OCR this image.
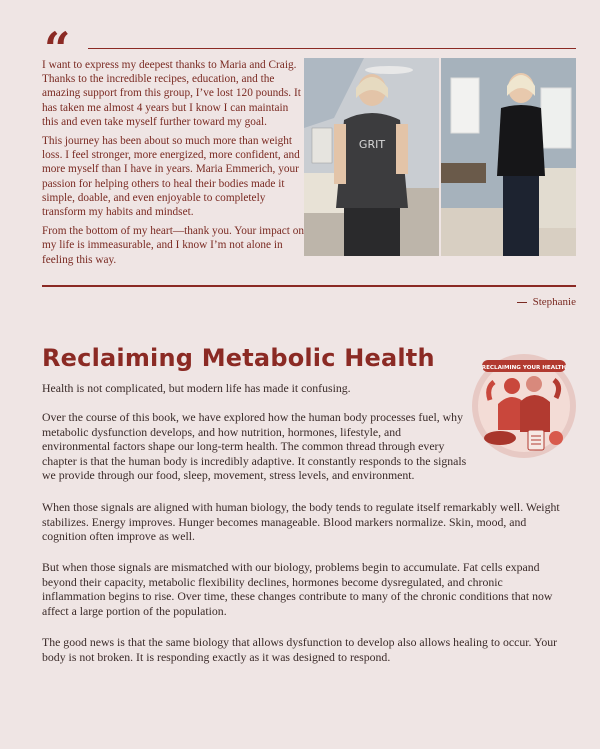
“

I want to express my deepest thanks to Maria and Craig. Thanks to the incredible recipes, education, and the amazing support from this group, I’ve lost 120 pounds. It has taken me almost 4 years but I know I can maintain this and even take myself further toward my goal.

This journey has been about so much more than weight loss. I feel stronger, more energized, more confident, and more myself than I have in years. Maria Emmerich, your passion for helping others to heal their bodies made it simple, doable, and even enjoyable to completely transform my habits and mindset.

From the bottom of my heart—thank you. Your impact on my life is immeasurable, and I know I’m not alone in feeling this way.

GRIT
Stephanie
Reclaiming Metabolic Health	RECLAIMING YOUR HEALTH

Health is not complicated, but modern life has made it confusing.

Over the course of this book, we have explored how the human body processes fuel, why metabolic dysfunction develops, and how nutrition, hormones, lifestyle, and environmental factors shape our long-term health. The common thread through every chapter is that the human body is incredibly adaptive. It constantly responds to the signals we provide through our food, sleep, movement, stress levels, and environment.

When those signals are aligned with human biology, the body tends to regulate itself remarkably well. Weight stabilizes. Energy improves. Hunger becomes manageable. Blood markers normalize. Skin, mood, and cognition often improve as well.

But when those signals are mismatched with our biology, problems begin to accumulate. Fat cells expand beyond their capacity, metabolic flexibility declines, hormones become dysregulated, and chronic inflammation begins to rise. Over time, these changes contribute to many of the chronic conditions that now affect a large portion of the population.

The good news is that the same biology that allows dysfunction to develop also allows healing to occur. Your body is not broken. It is responding exactly as it was designed to respond.
